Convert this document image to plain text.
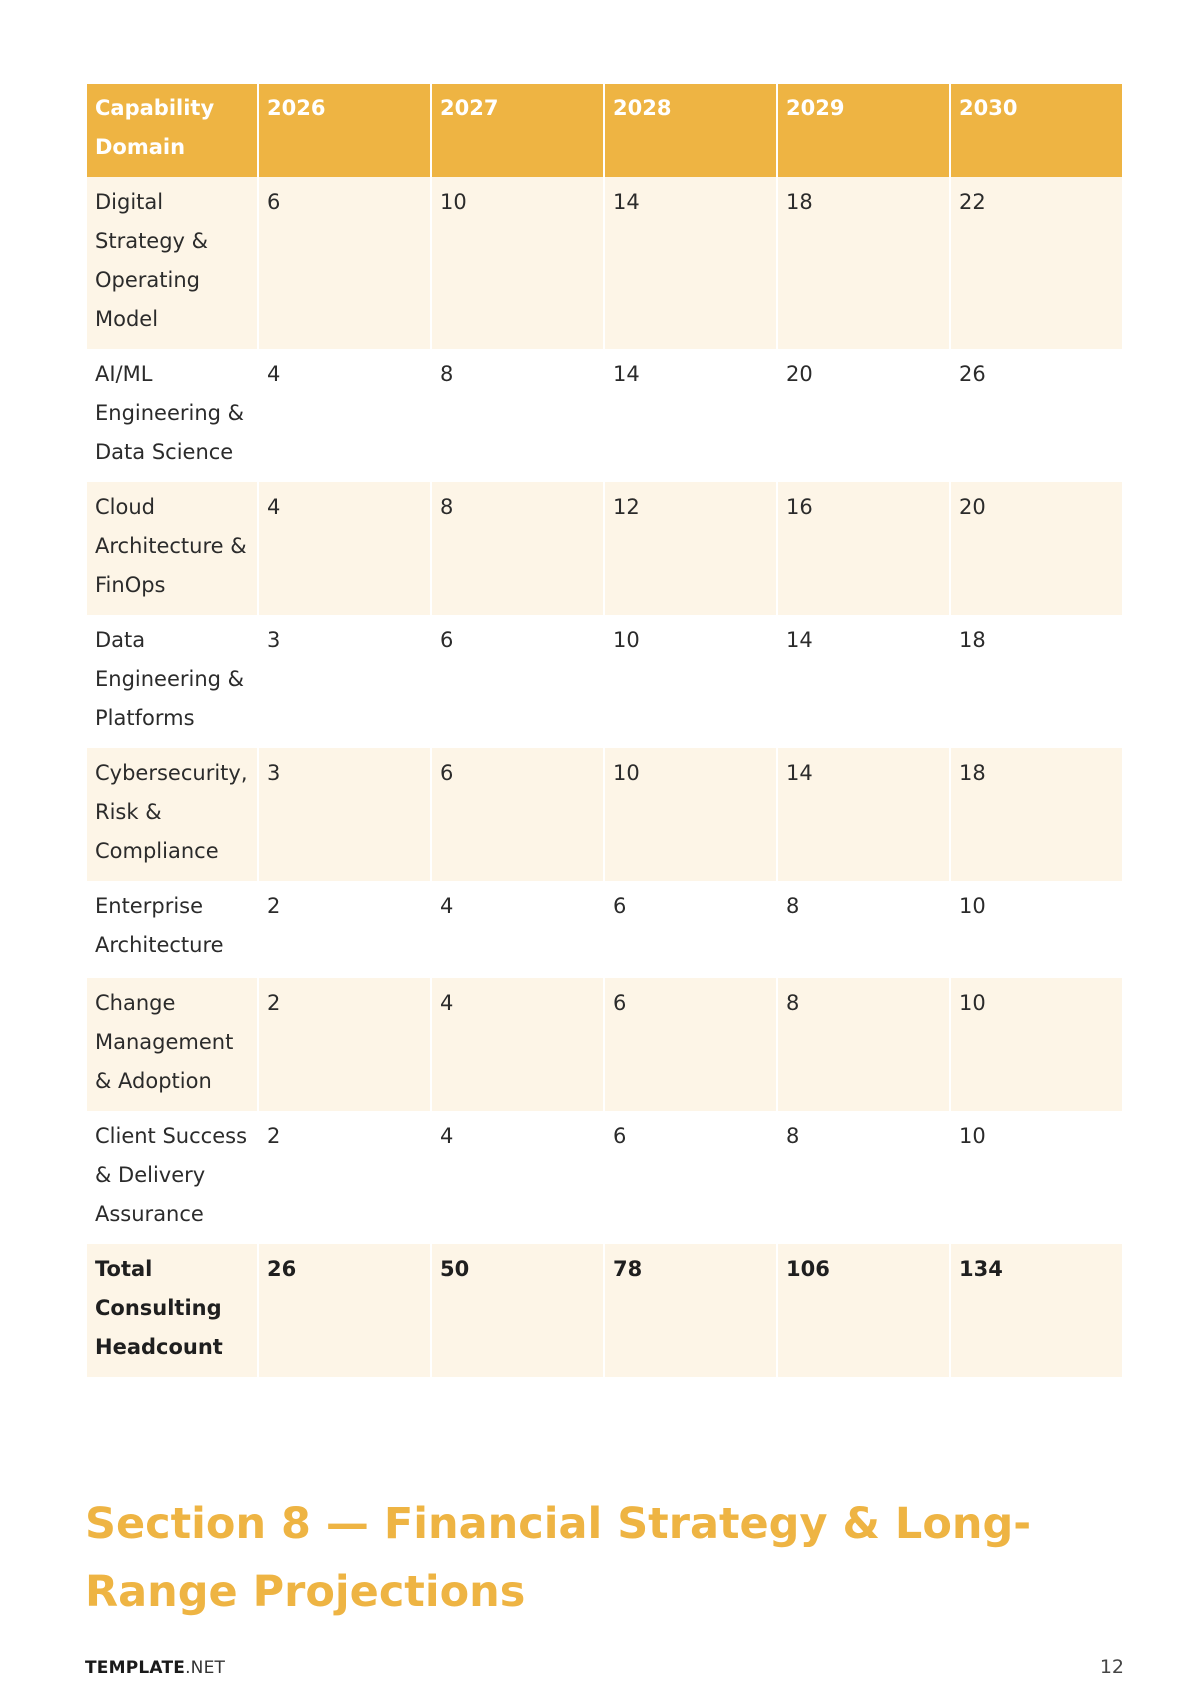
Capability Domain	2026	2027	2028	2029	2030
Digital Strategy & Operating Model	6	10	14	18	22
AI/ML Engineering & Data Science	4	8	14	20	26
Cloud Architecture & FinOps	4	8	12	16	20
Data Engineering & Platforms	3	6	10	14	18
Cybersecurity, Risk & Compliance	3	6	10	14	18
Enterprise Architecture	2	4	6	8	10
Change Management & Adoption	2	4	6	8	10
Client Success & Delivery Assurance	2	4	6	8	10
Total Consulting Headcount	26	50	78	106	134
Section 8 — Financial Strategy & Long-Range Projections
TEMPLATE.NET	12
